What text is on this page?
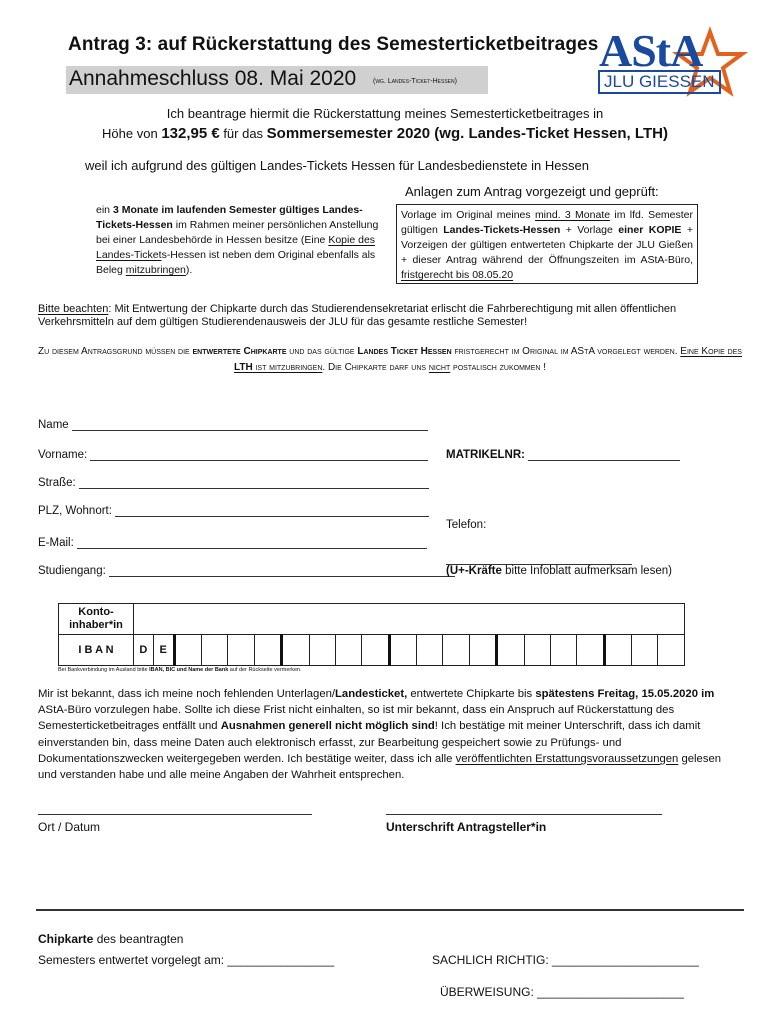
Antrag 3: auf Rückerstattung des Semesterticketbeitrages
Annahmeschluss 08. Mai 2020 (wg. Landes-Ticket-Hessen)
AStA
JLU GIESSEN
Ich beantrage hiermit die Rückerstattung meines Semesterticketbeitrages in
Höhe von 132,95 € für das Sommersemester 2020 (wg. Landes-Ticket Hessen, LTH)
weil ich aufgrund des gültigen Landes-Tickets Hessen für Landesbedienstete in Hessen
Anlagen zum Antrag vorgezeigt und geprüft:
ein 3 Monate im laufenden Semester gültiges Landes-Tickets-Hessen im Rahmen meiner persönlichen Anstellung bei einer Landesbehörde in Hessen besitze (Eine Kopie des Landes-Tickets-Hessen ist neben dem Original ebenfalls als Beleg mitzubringen).
Vorlage im Original meines mind. 3 Monate im lfd. Semester gültigen Landes-Tickets-Hessen + Vorlage einer KOPIE + Vorzeigen der gültigen entwerteten Chipkarte der JLU Gießen + dieser Antrag während der Öffnungszeiten im AStA-Büro, fristgerecht bis 08.05.20
Bitte beachten: Mit Entwertung der Chipkarte durch das Studierendensekretariat erlischt die Fahrberechtigung mit allen öffentlichen Verkehrsmitteln auf dem gültigen Studierendenausweis der JLU für das gesamte restliche Semester!
Zu diesem Antragsgrund müssen die entwertete Chipkarte und das gültige Landes Ticket Hessen fristgerecht im Original im AStA vorgelegt werden. Eine Kopie des LTH ist mitzubringen. Die Chipkarte darf uns nicht postalisch zukommen !
Name
Vorname:	MATRIKELNR:
Straße:
PLZ, Wohnort:
Telefon:
E-Mail:
Studiengang:	(U+-Kräfte bitte Infoblatt aufmerksam lesen)
Konto-inhaber*in																					
I B A N	D	E																			
Bei Bankverbindung im Ausland bitte IBAN, BIC und Name der Bank auf der Rückseite vermerken.
Mir ist bekannt, dass ich meine noch fehlenden Unterlagen/Landesticket, entwertete Chipkarte bis spätestens Freitag, 15.05.2020 im AStA-Büro vorzulegen habe. Sollte ich diese Frist nicht einhalten, so ist mir bekannt, dass ein Anspruch auf Rückerstattung des Semesterticketbeitrages entfällt und Ausnahmen generell nicht möglich sind! Ich bestätige mit meiner Unterschrift, dass ich damit einverstanden bin, dass meine Daten auch elektronisch erfasst, zur Bearbeitung gespeichert sowie zu Prüfungs- und Dokumentationszwecken weitergegeben werden. Ich bestätige weiter, dass ich alle veröffentlichten Erstattungsvoraussetzungen gelesen und verstanden habe und alle meine Angaben der Wahrheit entsprechen.
Ort / Datum	Unterschrift Antragsteller*in
Chipkarte des beantragten
Semesters entwertet vorgelegt am: ________________	SACHLICH RICHTIG: ______________________
ÜBERWEISUNG: ______________________
